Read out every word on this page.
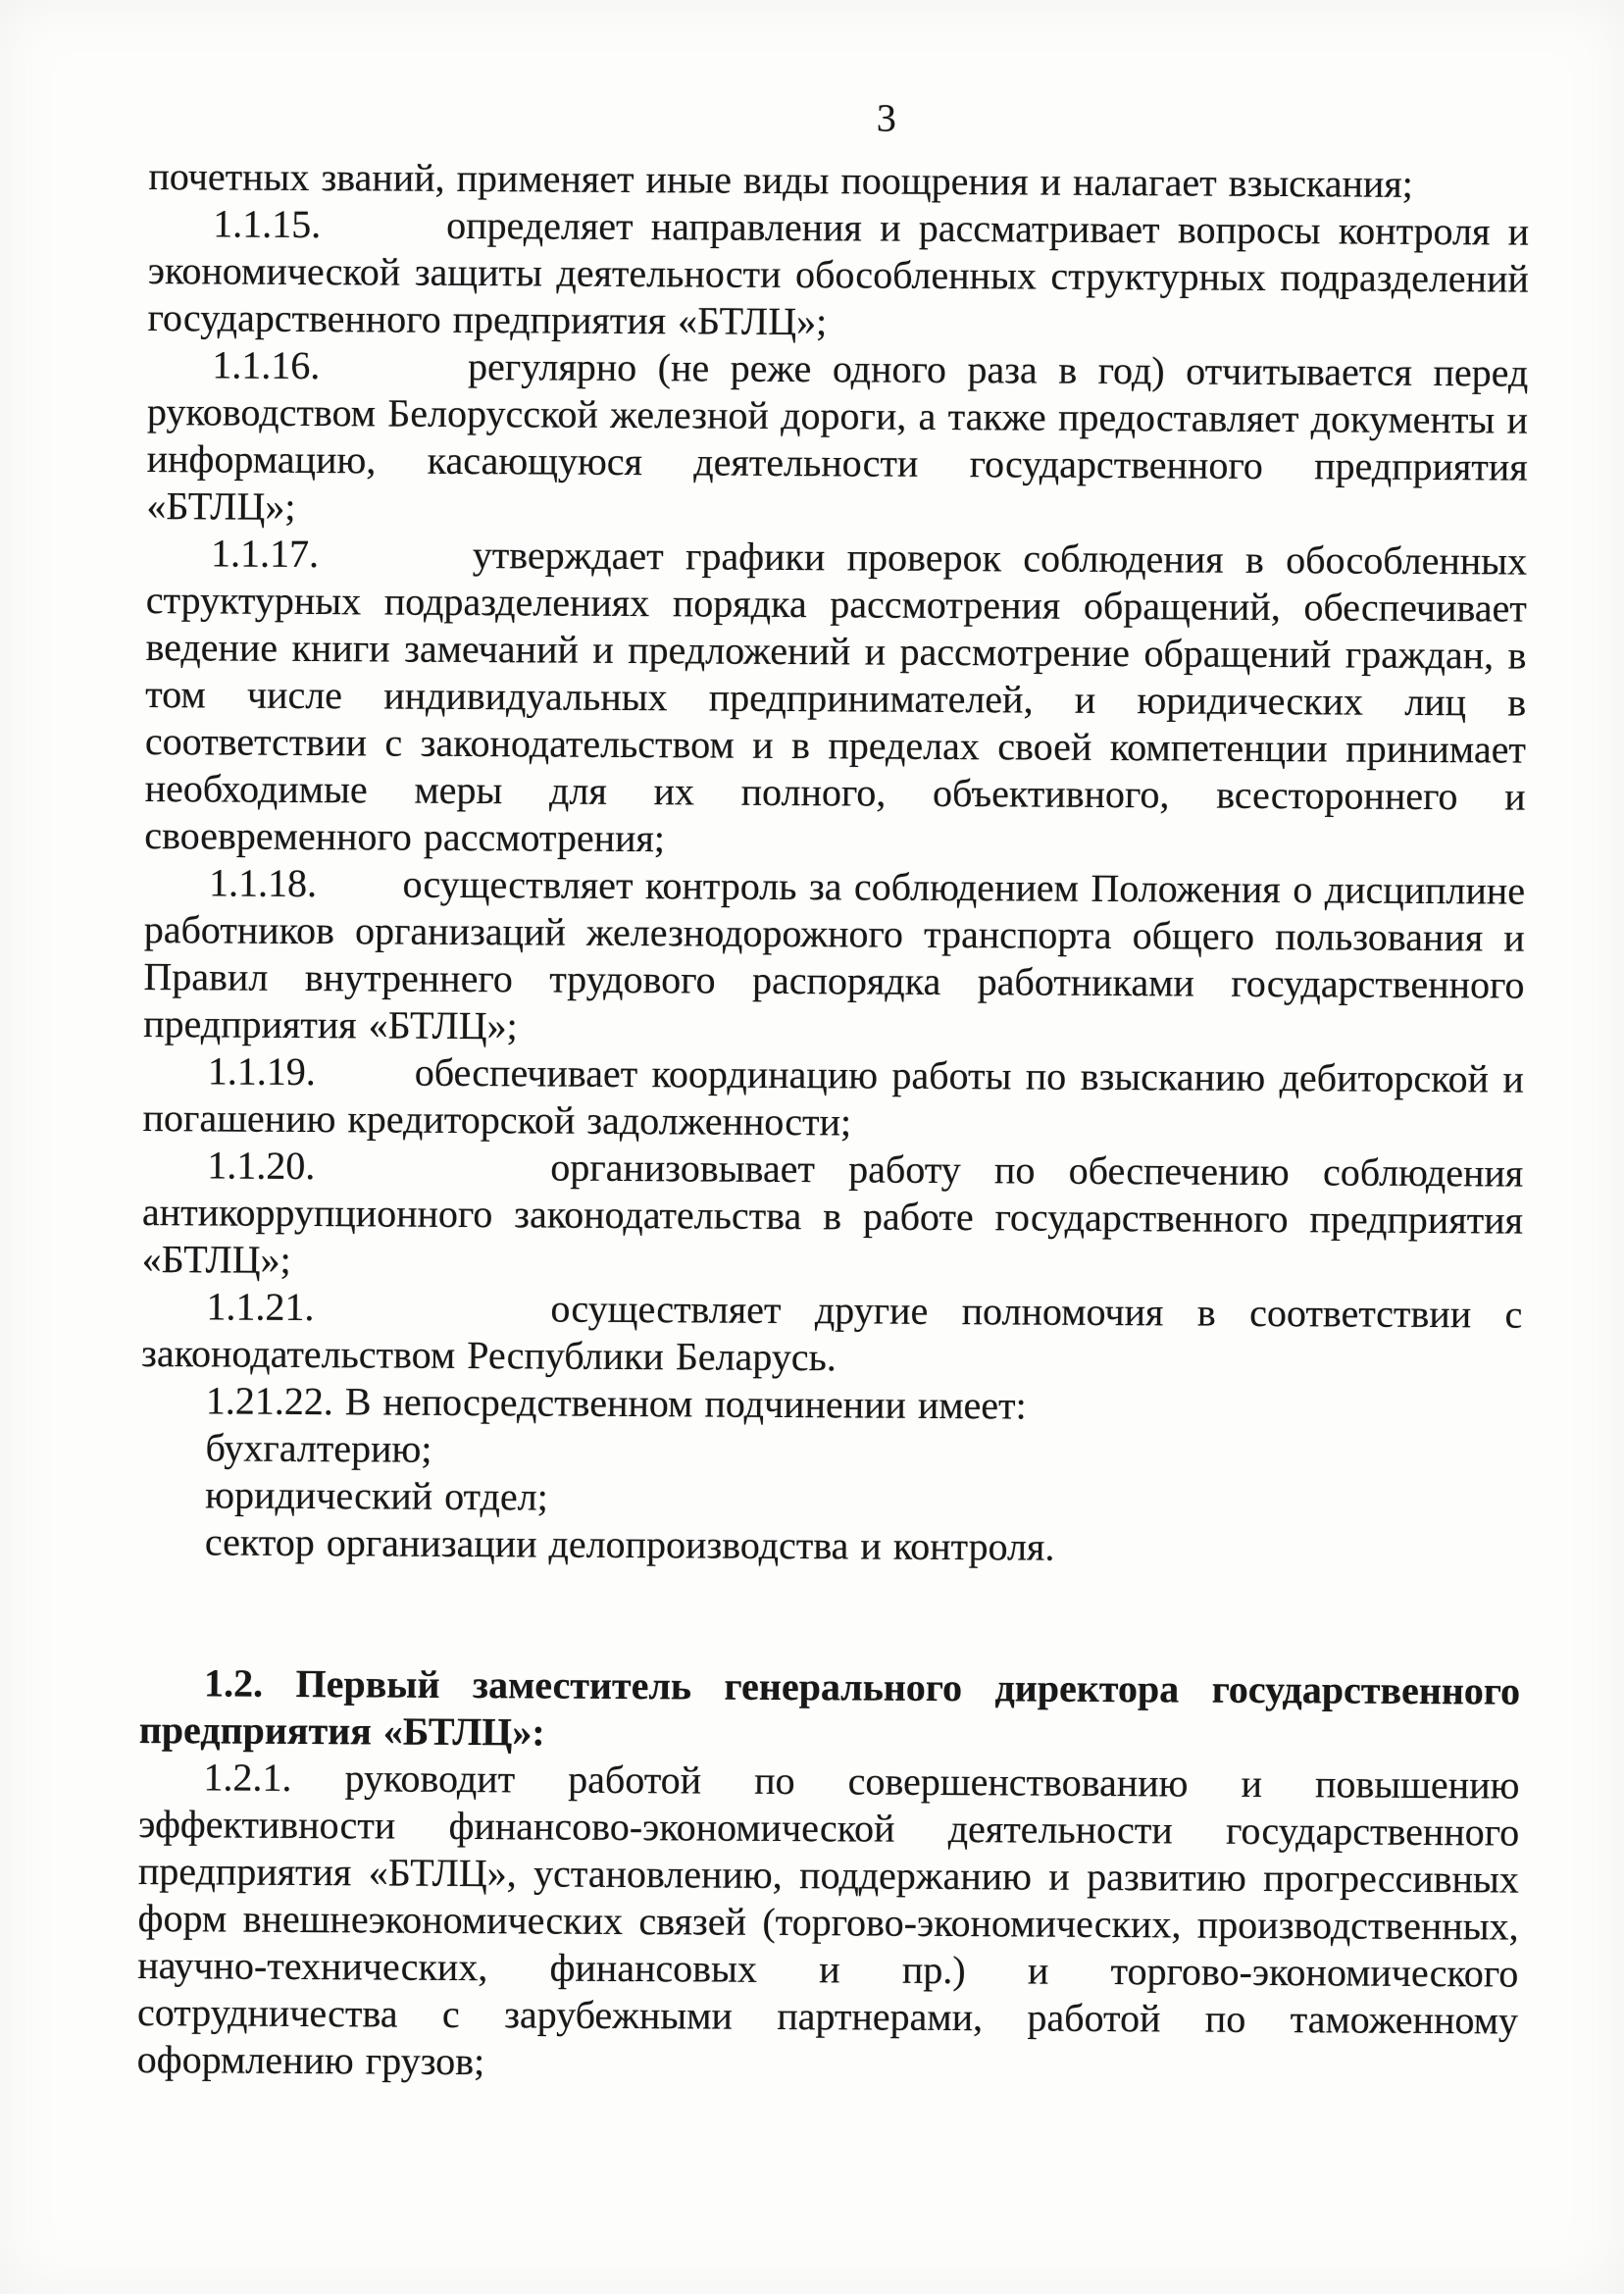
3

почетных званий, применяет иные виды поощрения и налагает взыскания;

1.1.15.       определяет направления и рассматривает вопросы контроля и экономической защиты деятельности обособленных структурных подразделений государственного предприятия «БТЛЦ»;

1.1.16.       регулярно (не реже одного раза в год) отчитывается перед руководством Белорусской железной дороги, а также предоставляет документы и информацию, касающуюся деятельности государственного предприятия «БТЛЦ»;

1.1.17.       утверждает графики проверок соблюдения в обособленных структурных подразделениях порядка рассмотрения обращений, обеспечивает ведение книги замечаний и предложений и рассмотрение обращений граждан, в том числе индивидуальных предпринимателей, и юридических лиц в соответствии с законодательством и в пределах своей компетенции принимает необходимые меры для их полного, объективного, всестороннего и своевременного рассмотрения;

1.1.18.       осуществляет контроль за соблюдением Положения о дисциплине работников организаций железнодорожного транспорта общего пользования и Правил внутреннего трудового распорядка работниками государственного предприятия «БТЛЦ»;

1.1.19.       обеспечивает координацию работы по взысканию дебиторской и погашению кредиторской задолженности;

1.1.20.       организовывает работу по обеспечению соблюдения антикоррупционного законодательства в работе государственного предприятия «БТЛЦ»;

1.1.21.       осуществляет другие полномочия в соответствии с законодательством Республики Беларусь.

1.21.22. В непосредственном подчинении имеет:

бухгалтерию;

юридический отдел;

сектор организации делопроизводства и контроля.

1.2. Первый заместитель генерального директора государственного предприятия «БТЛЦ»:

1.2.1. руководит работой по совершенствованию и повышению эффективности финансово-экономической деятельности государственного предприятия «БТЛЦ», установлению, поддержанию и развитию прогрессивных форм внешнеэкономических связей (торгово-экономических, производственных, научно-технических, финансовых и пр.) и торгово-экономического сотрудничества с зарубежными партнерами, работой по таможенному оформлению грузов;
